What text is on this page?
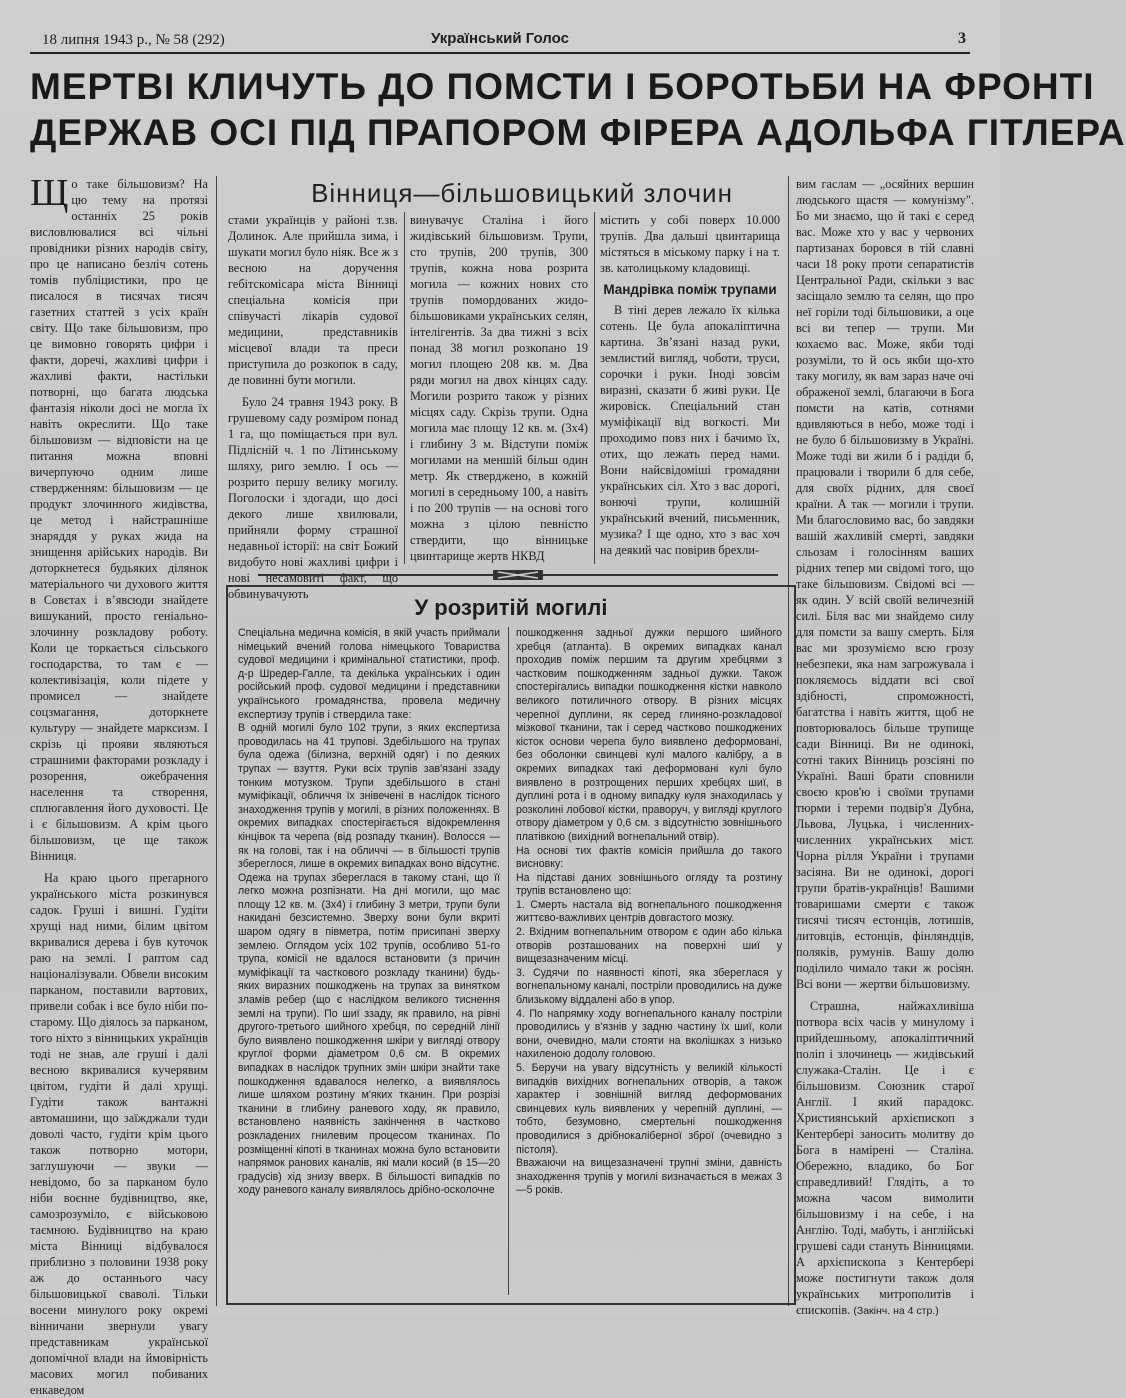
18 липня 1943 р., № 58 (292)	Український Голос	3
МЕРТВІ КЛИЧУТЬ ДО ПОМСТИ І БОРОТЬБИ НА ФРОНТІ
ДЕРЖАВ ОСІ ПІД ПРАПОРОМ ФІРЕРА АДОЛЬФА ГІТЛЕРА

Що таке більшовизм? На цю тему на протязі останніх 25 років висловлювалися всі чільні провідники різних народів світу, про це написано безліч сотень томів публіцистики, про це писалося в тисячах тисяч газетних статтей з усіх країн світу. Що таке більшовизм, про це вимовно говорять цифри і факти, доречі, жахливі цифри і жахливі факти, настільки потворні, що багата людська фантазія ніколи досі не могла їх навіть окреслити. Що таке більшовизм — відповісти на це питання можна вповні вичерпуючо одним лише ствердженням: більшовизм — це продукт злочинного жидівства, це метод і найстрашніше знаряддя у руках жида на знищення арійських народів. Ви доторкнетеся будьяких ділянок матеріального чи духового життя в Совєтах і вʼявсюди знайдете вишуканий, просто геніально-злочинну розкладову роботу. Коли це торкається сільського господарства, то там є — колективізація, коли підете у промисел — знайдете соцзмагання, доторкнете культуру — знайдете марксизм. І скрізь ці прояви являються страшними факторами розкладу і розорення, ожебрачення населення та створення, сплюгавлення його духовості. Це і є більшовизм. А крім цього більшовизм, це ще також Вінниця.

На краю цього прегарного українського міста розкинувся садок. Груші і вишні. Гудіти хрущі над ними, білим цвітом вкривалися дерева і був куточок раю на землі. І раптом сад націоналізували. Обвели високим парканом, поставили вартових, привели собак і все було ніби по-старому. Що діялось за парканом, того ніхто з вінницьких українців тоді не знав, але груші і далі весною вкривалися кучерявим цвітом, гудіти й далі хрущі. Гудіти також вантажні автомашини, що заїжджали туди доволі часто, гудіти крім цього також потворно мотори, заглушуючи — звуки — невідомо, бо за парканом було ніби воєнне будівництво, яке, самозрозуміло, є військовою таємною. Будівництво на краю міста Вінниці відбувалося приблизно з половини 1938 року аж до останнього часу більшовицької сваволі. Тільки восени минулого року окремі вінничани звернули увагу представникам української допомічної влади на ймовірність масових могил побиваних енкаведом

Вінниця—більшовицький злочин

стами українців у районі т.зв. Долинок. Але прийшла зима, і шукати могил було ніяк. Все ж з весною на доручення гебітскомісара міста Вінниці спеціальна комісія при співучасті лікарів судової медицини, представників місцевої влади та преси приступила до розкопок в саду, де повинні бути могили.

Було 24 травня 1943 року. В грушевому саду розміром понад 1 га, що поміщається при вул. Підлісній ч. 1 по Літинському шляху, риго землю. І ось — розрито першу велику могилу. Поголоски і здогади, що досі декого лише хвилювали, прийняли форму страшної недавньої історії: на світ Божий видобуто нові жахливі цифри і нові несамовиті факт, що обвинувачують

винувачує Сталіна і його жидівський більшовизм. Трупи, сто трупів, 200 трупів, 300 трупів, кожна нова розрита могила — кожних нових сто трупів помордованих жидо-більшовиками українських селян, інтелігентів. За два тижні з всіх понад 38 могил розкопано 19 могил площею 208 кв. м. Два ряди могил на двох кінцях саду. Могили розрито також у різних місцях саду. Скрізь трупи. Одна могила має площу 12 кв. м. (3х4) і глибину 3 м. Відступи поміж могилами на меншій більш один метр. Як стверджено, в кожній могилі в середньому 100, а навіть і по 200 трупів — на основі того можна з цілою певністю ствердити, що вінницьке цвинтарище жертв НКВД

містить у собі поверх 10.000 трупів. Два дальші цвинтарища містяться в міському парку і на т. зв. католицькому кладовищі.

Мандрівка поміж трупами

В тіні дерев лежало їх кілька сотень. Це була апокаліптична картина. Звʼязані назад руки, землистий вигляд, чоботи, труси, сорочки і руки. Іноді зовсім виразні, сказати б живі руки. Це жировіск. Спеціальний стан муміфікації від вогкості. Ми проходимо повз них і бачимо їх, отих, що лежать перед нами. Вони найсвідоміші громадяни українських сіл. Хто з вас дорогі, вонючі трупи, колишній український вчений, письменник, музика? І ще одно, хто з вас хоч на деякий час повірив брехли-

вим гаслам — „осяйних вершин людського щастя — комунізму". Бо ми знаємо, що й такі є серед вас. Може хто у вас у червоних партизанах боровся в тій славні часи 18 року проти сепаратистів Центральної Ради, скільки з вас засіщало землю та селян, що про неї горіли тоді більшовики, а оце всі ви тепер — трупи. Ми кохаємо вас. Може, якби тоді розуміли, то й ось якби що-хто таку могилу, як вам зараз наче очі ображеної землі, благаючи в Бога помсти на катів, сотнями вдивляються в небо, може тоді і не було б більшовизму в Україні. Може тоді ви жили б і радіди б, працювали і творили б для себе, для своїх рідних, для своєї країни. А так — могили і трупи. Ми благословимо вас, бо завдяки вашій жахливій смерті, завдяки сльозам і голосінням ваших рідних тепер ми свідомі того, що таке більшовизм. Свідомі всі — як один. У всій своїй величезній силі. Біля вас ми знайдемо силу для помсти за вашу смерть. Біля вас ми зрозуміємо всю грозу небезпеки, яка нам загрожувала і покляємось віддати всі свої здібності, спроможності, багатства і навіть життя, щоб не повторювалось більше трупище сади Вінниці. Ви не одинокі, сотні таких Вінниць розсіяні по Україні. Ваші брати сповнили своєю кров'ю і своїми трупами тюрми і тереми подвір'я Дубна, Львова, Луцька, і численних-численних українських міст. Чорна рілля України і трупами засіяна. Ви не одинокі, дорогі трупи братів-українців! Вашими товаришами смерти є також тисячі тисяч естонців, лотишів, литовців, естонців, фінляндців, поляків, румунів. Вашу долю поділило чимало таки ж росіян. Всі вони — жертви більшовизму.

Страшна, найжахливіша потвора всіх часів у минулому і прийдешньому, апокаліптичний поліп і злочинець — жидівський служака-Сталін. Це і є більшовизм. Союзник старої Англії. І який парадокс. Християнський архієпископ з Кентербері заносить молитву до Бога в намірені — Сталіна. Обережно, владико, бо Бог справедливий! Глядіть, а то можна часом вимолити більшовизму і на себе, і на Англію. Тоді, мабуть, і англійські грушеві сади стануть Вінницями. А архієпископа з Кентербері може постигнути також доля українських митрополитів і єпископів. (Закінч. на 4 стр.)

У розритій могилі
Спеціальна медична комісія, в якій участь приймали німецький вчений голова німецького Товариства судової медицини і кримінальної статистики, проф. д-р Шредер-Галле, та декілька українських і один російський проф. судової медицини і представники українського громадянства, провела медичну експертизу трупів і ствердила таке:
В одній могилі було 102 трупи, з яких експертиза проводилась на 41 трупові. Здебільшого на трупах була одежа (білизна, верхній одяг) і по деяких трупах — взуття. Руки всіх трупів зав'язані ззаду тонким мотузком. Трупи здебільшого в стані муміфікації, обличчя їх знівечені в наслідок тісного знаходження трупів у могилі, в різних положеннях. В окремих випадках спостерігається відокремлення кінцівок та черепа (від розпаду тканин). Волосся — як на голові, так і на обличчі — в більшості трупів збереглося, лише в окремих випадках воно відсутнє. Одежа на трупах збереглася в такому стані, що її легко можна розпізнати. На дні могили, що має площу 12 кв. м. (3х4) і глибину 3 метри, трупи були накидані безсистемно. Зверху вони були вкриті шаром одягу в півметра, потім присипані зверху землею. Оглядом усіх 102 трупів, особливо 51-го трупа, комісії не вдалося встановити (з причин муміфікації та часткового розкладу тканини) будь-яких виразних пошкоджень на трупах за винятком зламів ребер (що є наслідком великого тиснення землі на трупи). По шиї ззаду, як правило, на рівні другого-третього шийного хребця, по середній лінії було виявлено пошкодження шкіри у вигляді отвору круглої форми діаметром 0,6 см. В окремих випадках в наслідок трупних змін шкіри знайти таке пошкодження вдавалося нелегко, а виявлялось лише шляхом розтину м'яких тканин. При розрізі тканини в глибину раневого ходу, як правило, встановлено наявність закінчення в частково розкладених гнилевим процесом тканинах. По розміщенні кіпоті в тканинах можна було встановити напрямок ранових каналів, які мали косий (в 15—20 градусів) хід знизу вверх. В більшості випадків по ходу раневого каналу виявлялось дрібно-осколочне
пошкодження задньої дужки першого шийного хребця (атланта). В окремих випадках канал проходив поміж першим та другим хребцями з частковим пошкодженням задньої дужки. Також спостерігались випадки пошкодження кістки навколо великого потиличного отвору. В різних місцях черепної дуплини, як серед глиняно-розкладової мізкової тканини, так і серед частково пошкоджених кісток основи черепа було виявлено деформовані, без оболонки свинцеві кулі малого калібру, а в окремих випадках такі деформовані кулі було виявлено в розтрощених перших хребцях шиї, в дуплині рота і в одному випадку куля знаходилась у розколині лобової кістки, праворуч, у вигляді круглого отвору діаметром у 0,6 см. з відсутністю зовнішнього платівкою (вихідний вогнепальний отвір).
На основі тих фактів комісія прийшла до такого висновку:
На підставі даних зовнішнього огляду та розтину трупів встановлено що:
1. Смерть настала від вогнепального пошкодження життєво-важливих центрів довгастого мозку.
2. Вхідним вогнепальним отвором є один або кілька отворів розташованих на поверхні шиї у вищезазначеним місці.
3. Судячи по наявності кіпоті, яка збереглася у вогнепальному каналі, постріли проводились на дуже близькому віддалені або в упор.
4. По напрямку ходу вогнепального каналу постріли проводились у в'язнів у задню частину їх шиї, коли вони, очевидно, мали стояти на вколішках з низько нахиленою додолу головою.
5. Беручи на увагу відсутність у великій кількості випадків вихідних вогнепальних отворів, а також характер і зовнішній вигляд деформованих свинцевих куль виявлених у черепній дуплині, — тобто, безумовно, смертельні пошкодження проводилися з дрібнокаліберної зброї (очевидно з пістоля).
Вважаючи на вищезазначені трупні зміни, давність знаходження трупів у могилі визначається в межах 3—5 років.
